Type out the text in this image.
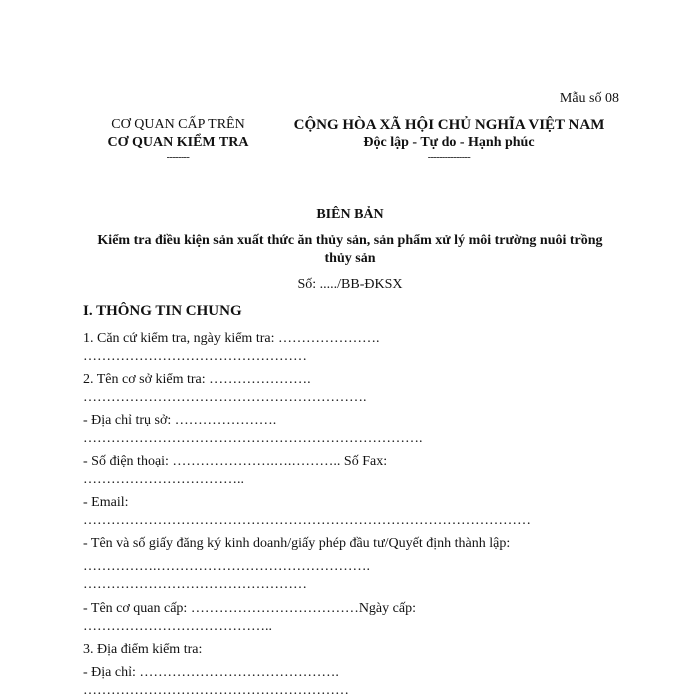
Mẫu số 08
CƠ QUAN CẤP TRÊN
CƠ QUAN KIỂM TRA
--------
CỘNG HÒA XÃ HỘI CHỦ NGHĨA VIỆT NAM
Độc lập - Tự do - Hạnh phúc
---------------
BIÊN BẢN
Kiểm tra điều kiện sản xuất thức ăn thủy sản, sản phẩm xử lý môi trường nuôi trồng thủy sản
Số: ...../BB-ĐKSX
I. THÔNG TIN CHUNG
1. Căn cứ kiểm tra, ngày kiểm tra: ………………….
…………………………………………
2. Tên cơ sở kiểm tra: ………………….
…………………………………………………….
- Địa chỉ trụ sở: ………………….
……………………………………………………………….
- Số điện thoại: ………………….….……….. Số Fax:
……………………………..
- Email:
……………………………………………………………………………………
- Tên và số giấy đăng ký kinh doanh/giấy phép đầu tư/Quyết định thành lập:
…………….……………………………………….
…………………………………………
- Tên cơ quan cấp: ………………………………Ngày cấp:
…………………………………..
3. Địa điểm kiểm tra:
- Địa chỉ: …………………………………….
…………………………………………………
